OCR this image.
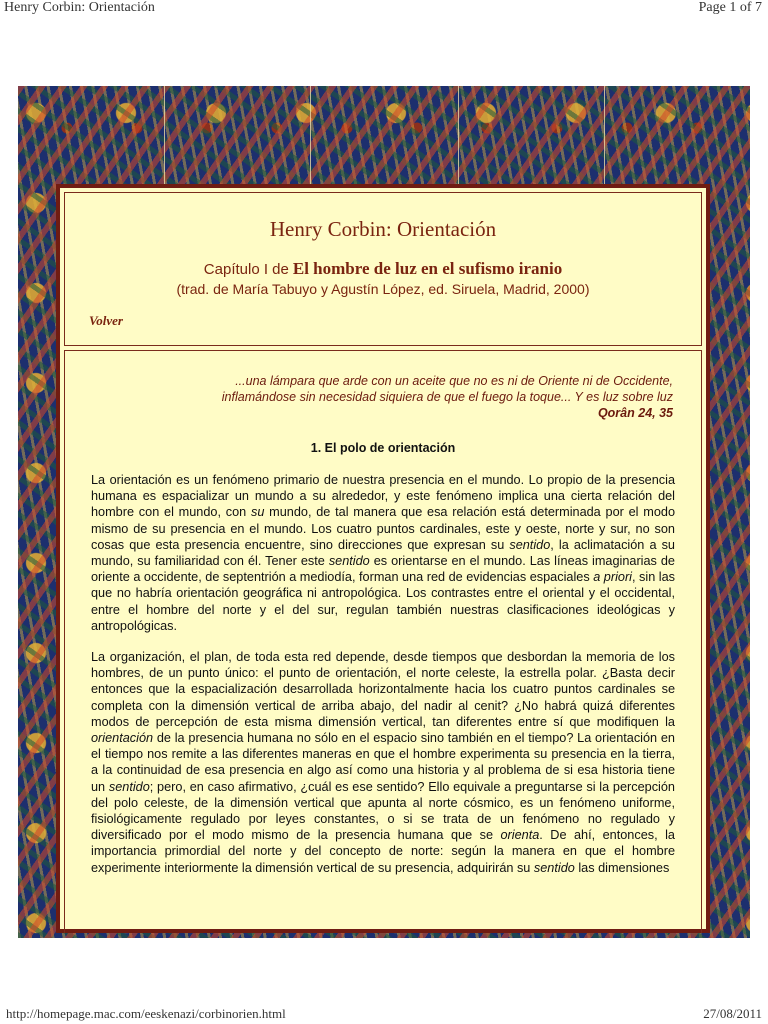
Henry Corbin: Orientación	Page 1 of 7
Henry Corbin: Orientación
Capítulo I de El hombre de luz en el sufismo iranio
(trad. de María Tabuyo y Agustín López, ed. Siruela, Madrid, 2000)
Volver
...una lámpara que arde con un aceite que no es ni de Oriente ni de Occidente,
inflamándose sin necesidad siquiera de que el fuego la toque... Y es luz sobre luz
Qorân 24, 35
1. El polo de orientación

La orientación es un fenómeno primario de nuestra presencia en el mundo. Lo propio de la presencia humana es espacializar un mundo a su alrededor, y este fenómeno implica una cierta relación del hombre con el mundo, con su mundo, de tal manera que esa relación está determinada por el modo mismo de su presencia en el mundo. Los cuatro puntos cardinales, este y oeste, norte y sur, no son cosas que esta presencia encuentre, sino direcciones que expresan su sentido, la aclimatación a su mundo, su familiaridad con él. Tener este sentido es orientarse en el mundo. Las líneas imaginarias de oriente a occidente, de septentrión a mediodía, forman una red de evidencias espaciales a priori, sin las que no habría orientación geográfica ni antropológica. Los contrastes entre el oriental y el occidental, entre el hombre del norte y el del sur, regulan también nuestras clasificaciones ideológicas y antropológicas.

La organización, el plan, de toda esta red depende, desde tiempos que desbordan la memoria de los hombres, de un punto único: el punto de orientación, el norte celeste, la estrella polar. ¿Basta decir entonces que la espacialización desarrollada horizontalmente hacia los cuatro puntos cardinales se completa con la dimensión vertical de arriba abajo, del nadir al cenit? ¿No habrá quizá diferentes modos de percepción de esta misma dimensión vertical, tan diferentes entre sí que modifiquen la orientación de la presencia humana no sólo en el espacio sino también en el tiempo? La orientación en el tiempo nos remite a las diferentes maneras en que el hombre experimenta su presencia en la tierra, a la continuidad de esa presencia en algo así como una historia y al problema de si esa historia tiene un sentido; pero, en caso afirmativo, ¿cuál es ese sentido? Ello equivale a preguntarse si la percepción del polo celeste, de la dimensión vertical que apunta al norte cósmico, es un fenómeno uniforme, fisiológicamente regulado por leyes constantes, o si se trata de un fenómeno no regulado y diversificado por el modo mismo de la presencia humana que se orienta. De ahí, entonces, la importancia primordial del norte y del concepto de norte: según la manera en que el hombre experimente interiormente la dimensión vertical de su presencia, adquirirán su sentido las dimensiones

http://homepage.mac.com/eeskenazi/corbinorien.html	27/08/2011
